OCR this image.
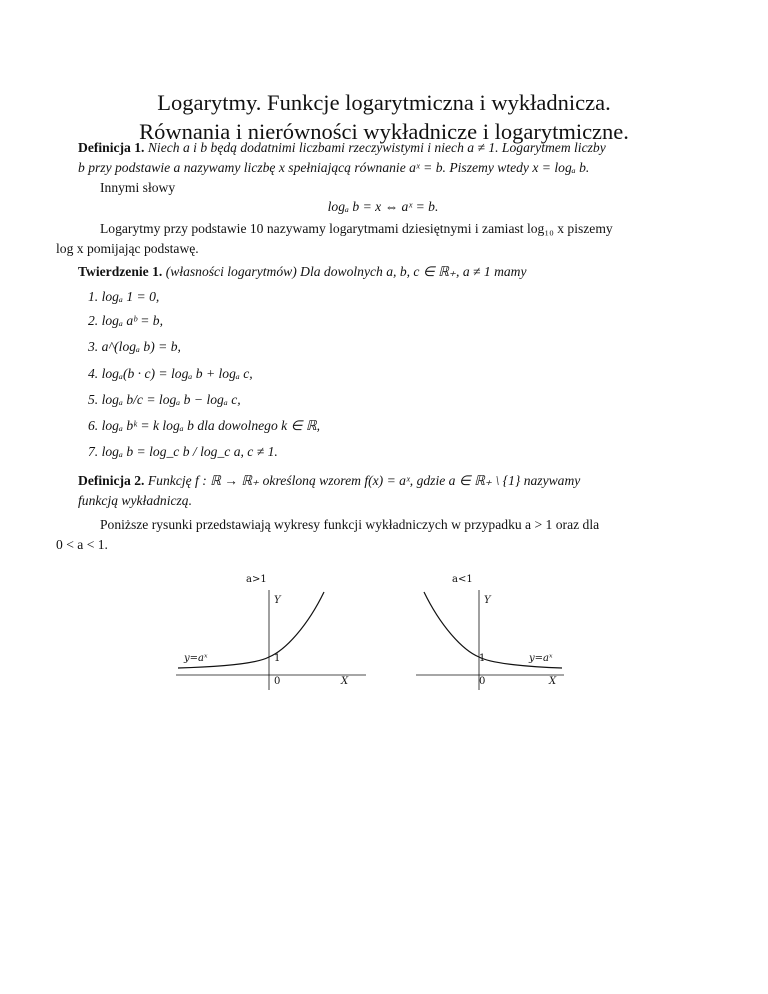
Logarytmy. Funkcje logarytmiczna i wykładnicza.
Równania i nierówności wykładnicze i logarytmiczne.
Definicja 1. Niech a i b będą dodatnimi liczbami rzeczywistymi i niech a ≠ 1. Logarytmem liczby
b przy podstawie a nazywamy liczbę x spełniającą równanie aˣ = b. Piszemy wtedy x = logₐ b.
Innymi słowy
logₐ b = x ⇔ aˣ = b.
Logarytmy przy podstawie 10 nazywamy logarytmami dziesiętnymi i zamiast log₁₀ x piszemy
log x pomijając podstawę.
Twierdzenie 1. (własności logarytmów) Dla dowolnych a, b, c ∈ ℝ₊, a ≠ 1 mamy
1. logₐ 1 = 0,
2. logₐ aᵇ = b,
3. a^(logₐ b) = b,
4. logₐ(b · c) = logₐ b + logₐ c,
5. logₐ b/c = logₐ b − logₐ c,
6. logₐ bᵏ = k logₐ b dla dowolnego k ∈ ℝ,
7. logₐ b = log_c b / log_c a, c ≠ 1.
Definicja 2. Funkcję f : ℝ → ℝ₊ określoną wzorem f(x) = aˣ, gdzie a ∈ ℝ₊ \ {1} nazywamy
funkcją wykładniczą.
Poniższe rysunki przedstawiają wykresy funkcji wykładniczych w przypadku a > 1 oraz dla
0 < a < 1.
a>1
Y
X
1
0
y=aˣ
a<1
Y
X
1
0
y=aˣ
